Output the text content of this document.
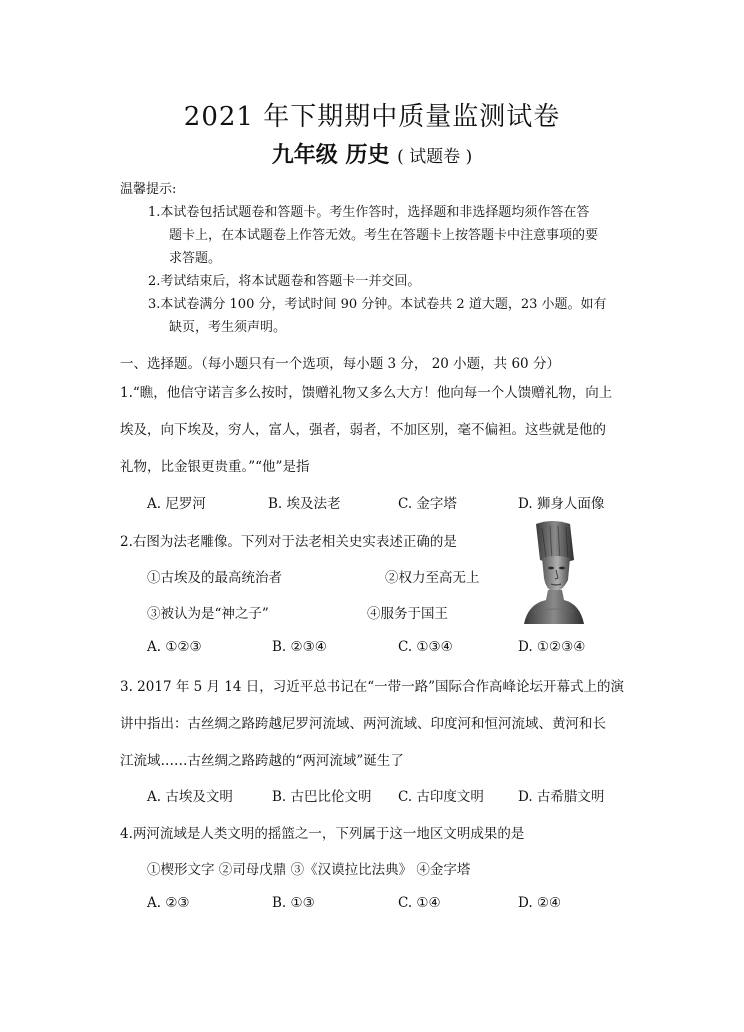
2021 年下期期中质量监测试卷
九年级 历史 ( 试题卷 )
温馨提示:
1.本试卷包括试题卷和答题卡。考生作答时，选择题和非选择题均须作答在答
题卡上，在本试题卷上作答无效。考生在答题卡上按答题卡中注意事项的要
求答题。
2.考试结束后，将本试题卷和答题卡一并交回。
3.本试卷满分 100 分，考试时间 90 分钟。本试卷共 2 道大题，23 小题。如有
缺页，考生须声明。
一、选择题。（每小题只有一个选项，每小题 3 分， 20 小题，共 60 分）
1.“瞧，他信守诺言多么按时，馈赠礼物又多么大方！他向每一个人馈赠礼物，向上
埃及，向下埃及，穷人，富人，强者，弱者，不加区别，毫不偏袒。这些就是他的
礼物，比金银更贵重。”“他”是指
A. 尼罗河	B. 埃及法老	C. 金字塔	D. 狮身人面像
2.右图为法老雕像。下列对于法老相关史实表述正确的是
①古埃及的最高统治者	②权力至高无上
③被认为是“神之子”	④服务于国王
A. ①②③	B. ②③④	C. ①③④	D. ①②③④
3. 2017 年 5 月 14 日，习近平总书记在“一带一路”国际合作高峰论坛开幕式上的演
讲中指出：古丝绸之路跨越尼罗河流域、两河流域、印度河和恒河流域、黄河和长
江流域……古丝绸之路跨越的“两河流域”诞生了
A. 古埃及文明	B. 古巴比伦文明 C. 古印度文明	D. 古希腊文明
4.两河流域是人类文明的摇篮之一，下列属于这一地区文明成果的是
①楔形文字 ②司母戊鼎 ③《汉谟拉比法典》 ④金字塔
A. ②③	B. ①③	C. ①④	D. ②④
